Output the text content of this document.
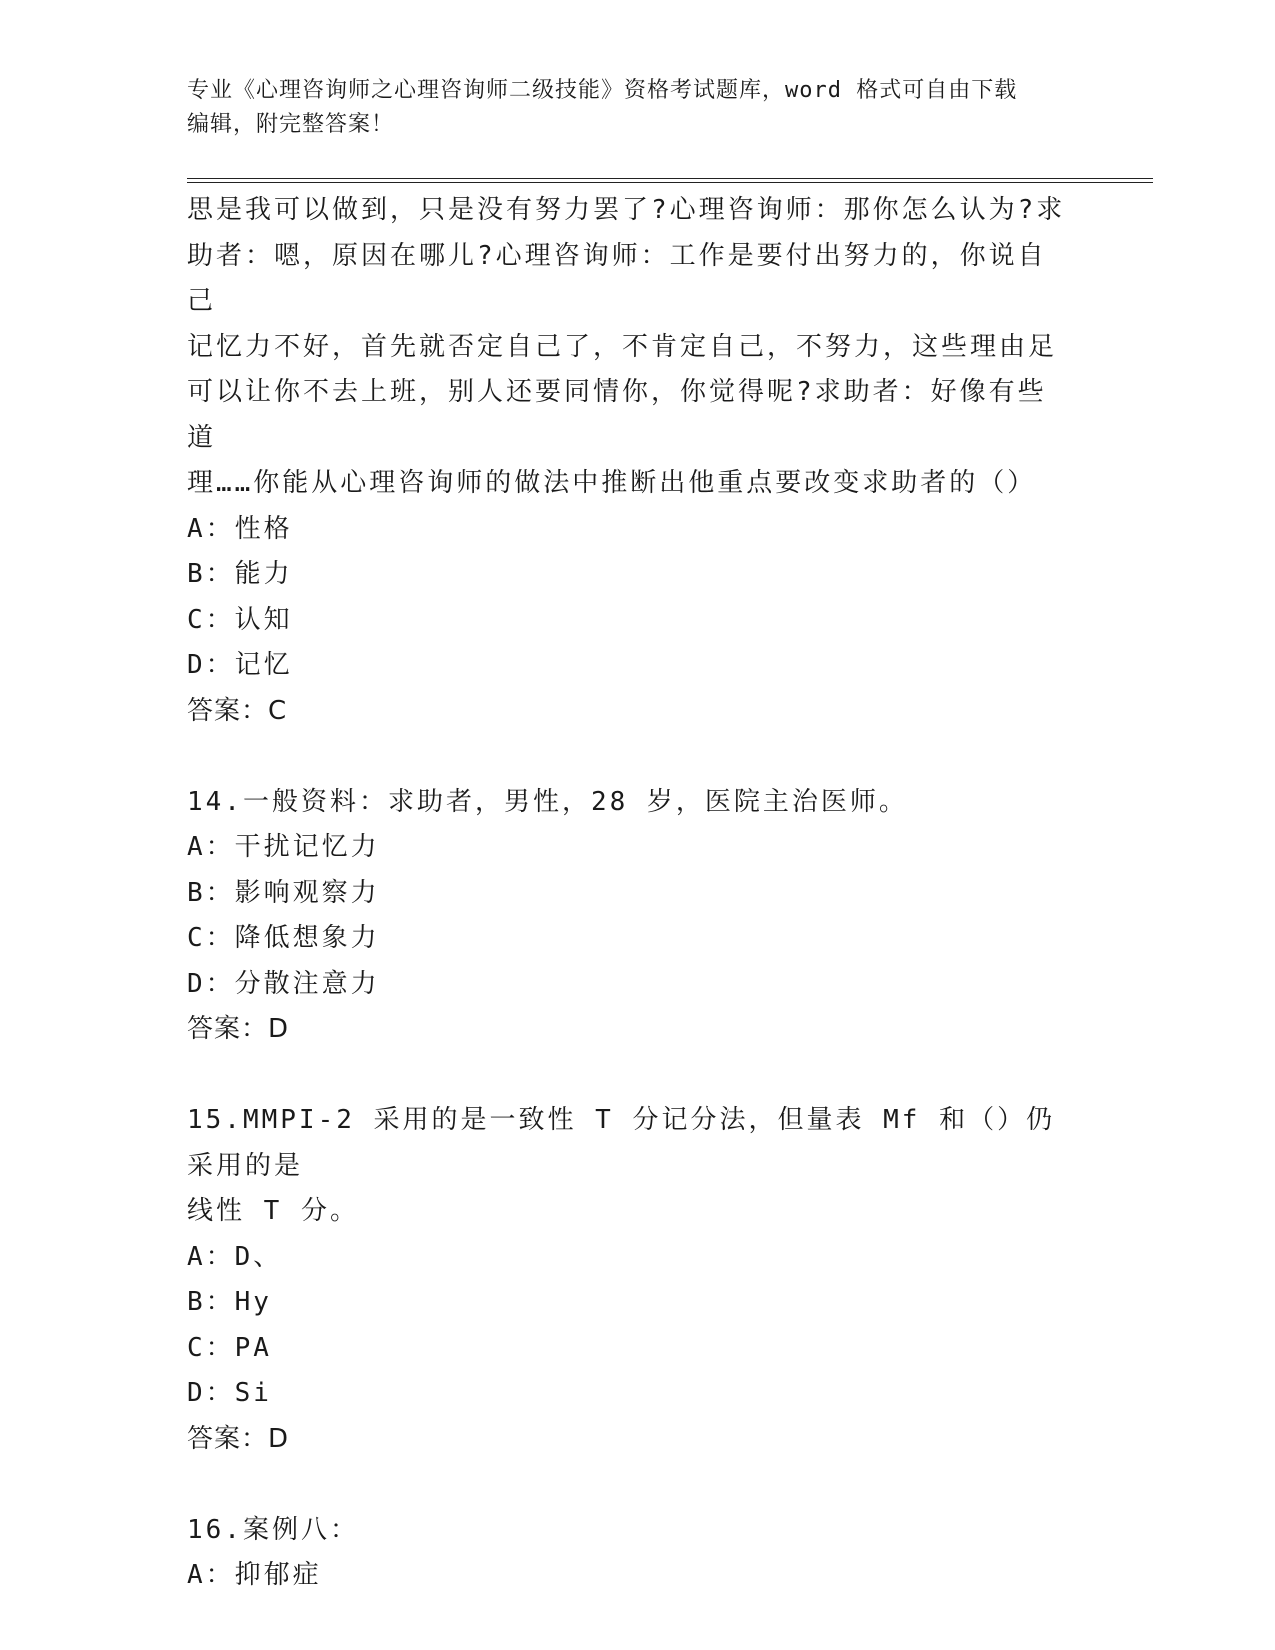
专业《心理咨询师之心理咨询师二级技能》资格考试题库，word 格式可自由下载
编辑，附完整答案！

思是我可以做到，只是没有努力罢了?心理咨询师：那你怎么认为?求

助者：嗯，原因在哪儿?心理咨询师：工作是要付出努力的，你说自己

记忆力不好，首先就否定自己了，不肯定自己，不努力，这些理由足

可以让你不去上班，别人还要同情你，你觉得呢?求助者：好像有些道

理……你能从心理咨询师的做法中推断出他重点要改变求助者的（）

A：性格

B：能力

C：认知

D：记忆

答案：C

14.一般资料：求助者，男性，28 岁，医院主治医师。

A：干扰记忆力

B：影响观察力

C：降低想象力

D：分散注意力

答案：D

15.MMPI-2 采用的是一致性 T 分记分法，但量表 Mf 和（）仍采用的是

线性 T 分。

A：D、

B：Hy

C：PA

D：Si

答案：D

16.案例八：

A：抑郁症
